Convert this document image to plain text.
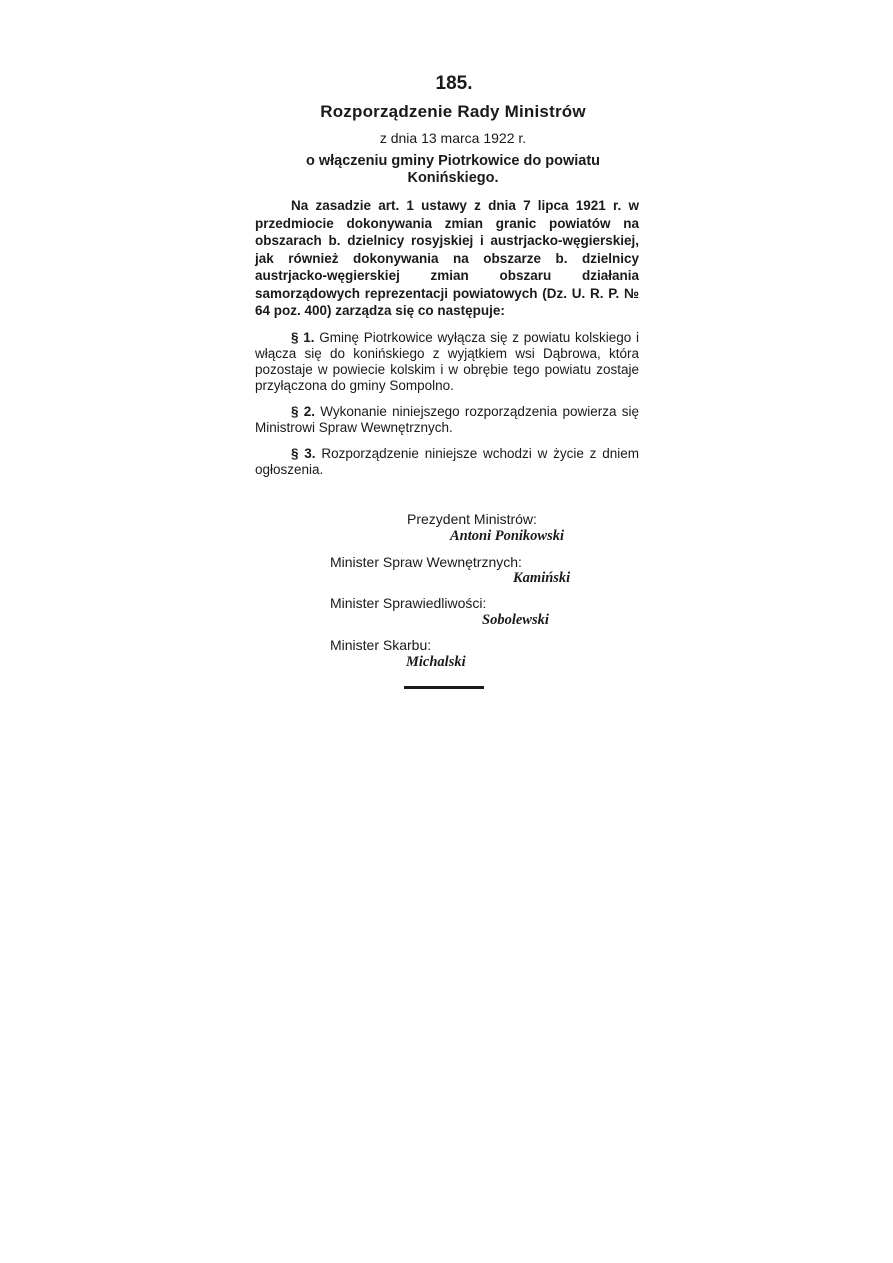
185.
Rozporządzenie Rady Ministrów
z dnia 13 marca 1922 r.
o włączeniu gminy Piotrkowice do powiatu Konińskiego.
Na zasadzie art. 1 ustawy z dnia 7 lipca 1921 r. w przedmiocie dokonywania zmian granic powiatów na obszarach b. dzielnicy rosyjskiej i austrjacko-węgierskiej, jak również dokonywania na obszarze b. dzielnicy austrjacko-węgierskiej zmian obszaru działania samorządowych reprezentacji powiatowych (Dz. U. R. P. № 64 poz. 400) zarządza się co następuje:
§ 1. Gminę Piotrkowice wyłącza się z powiatu kolskiego i włącza się do konińskiego z wyjątkiem wsi Dąbrowa, która pozostaje w powiecie kolskim i w obrębie tego powiatu zostaje przyłączona do gminy Sompolno.
§ 2. Wykonanie niniejszego rozporządzenia powierza się Ministrowi Spraw Wewnętrznych.
§ 3. Rozporządzenie niniejsze wchodzi w życie z dniem ogłoszenia.
Prezydent Ministrów:
Antoni Ponikowski
Minister Spraw Wewnętrznych:
Kamiński
Minister Sprawiedliwości:
Sobolewski
Minister Skarbu:
Michalski
